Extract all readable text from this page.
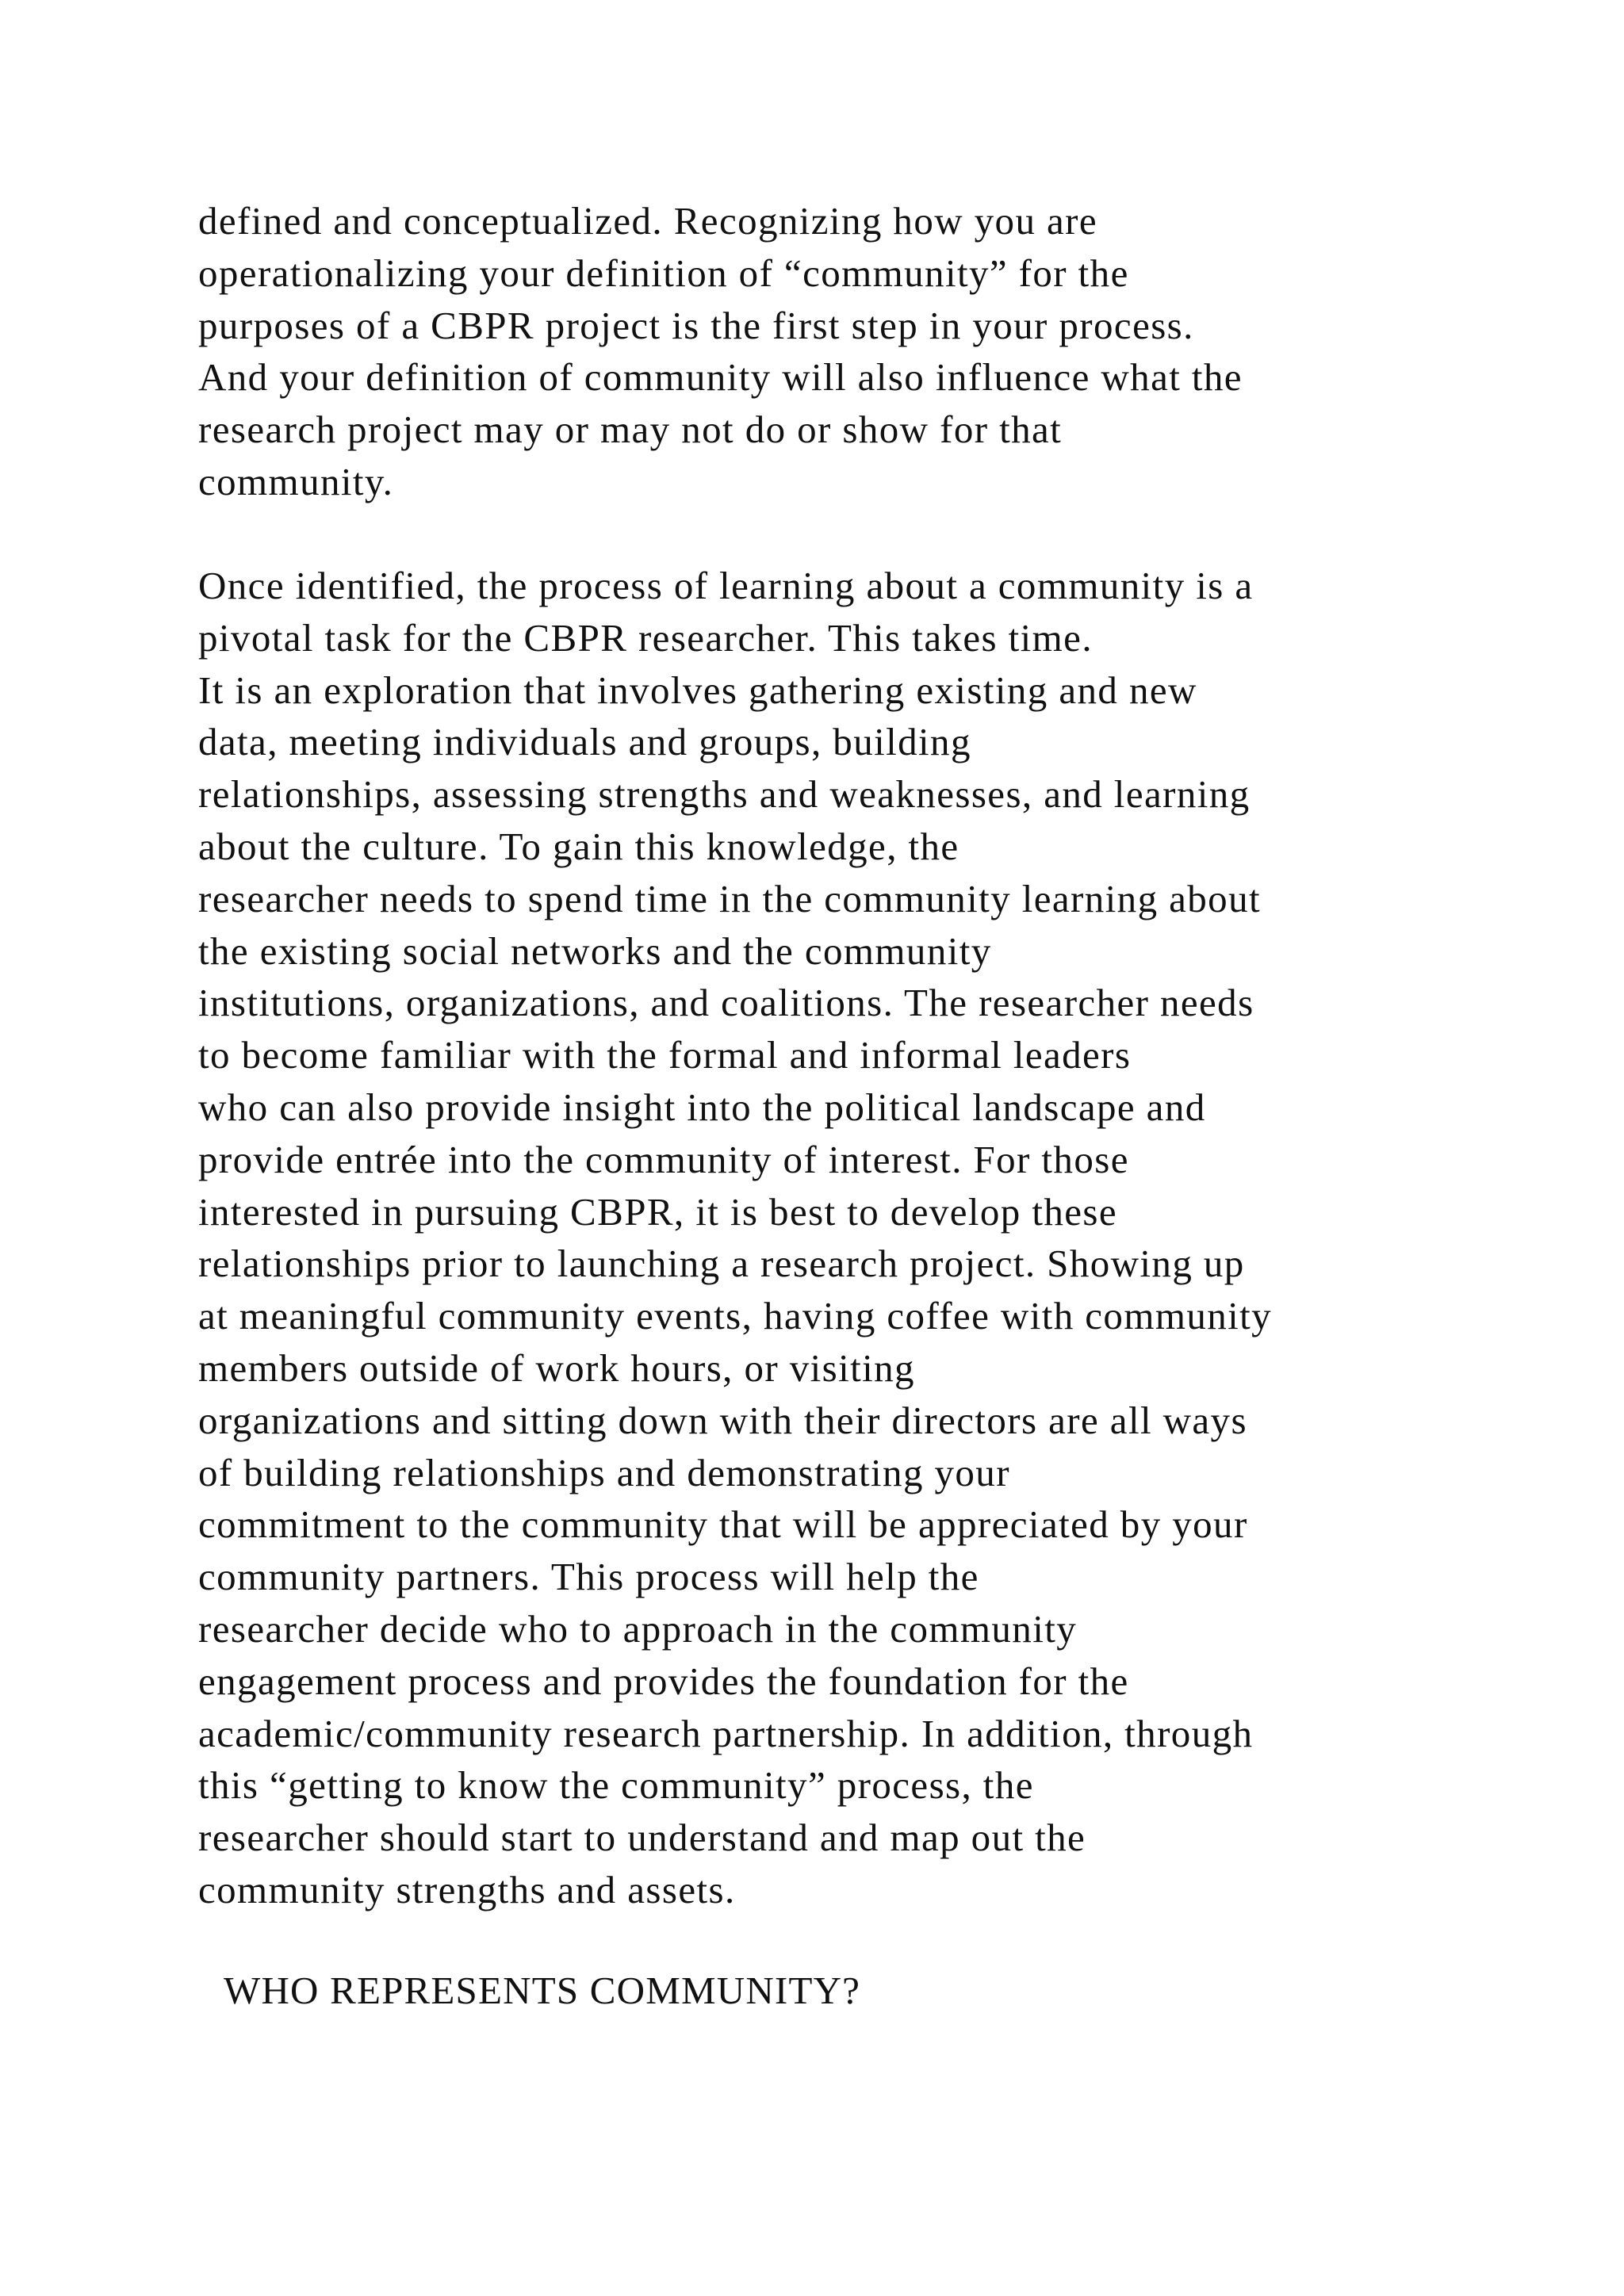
defined and conceptualized. Recognizing how you are
operationalizing your definition of “community” for the
purposes of a CBPR project is the first step in your process.
And your definition of community will also influence what the
research project may or may not do or show for that
community.
Once identified, the process of learning about a community is a
pivotal task for the CBPR researcher. This takes time.
It is an exploration that involves gathering existing and new
data, meeting individuals and groups, building
relationships, assessing strengths and weaknesses, and learning
about the culture. To gain this knowledge, the
researcher needs to spend time in the community learning about
the existing social networks and the community
institutions, organizations, and coalitions. The researcher needs
to become familiar with the formal and informal leaders
who can also provide insight into the political landscape and
provide entrée into the community of interest. For those
interested in pursuing CBPR, it is best to develop these
relationships prior to launching a research project. Showing up
at meaningful community events, having coffee with community
members outside of work hours, or visiting
organizations and sitting down with their directors are all ways
of building relationships and demonstrating your
commitment to the community that will be appreciated by your
community partners. This process will help the
researcher decide who to approach in the community
engagement process and provides the foundation for the
academic/community research partnership. In addition, through
this “getting to know the community” process, the
researcher should start to understand and map out the
community strengths and assets.
WHO REPRESENTS COMMUNITY?
